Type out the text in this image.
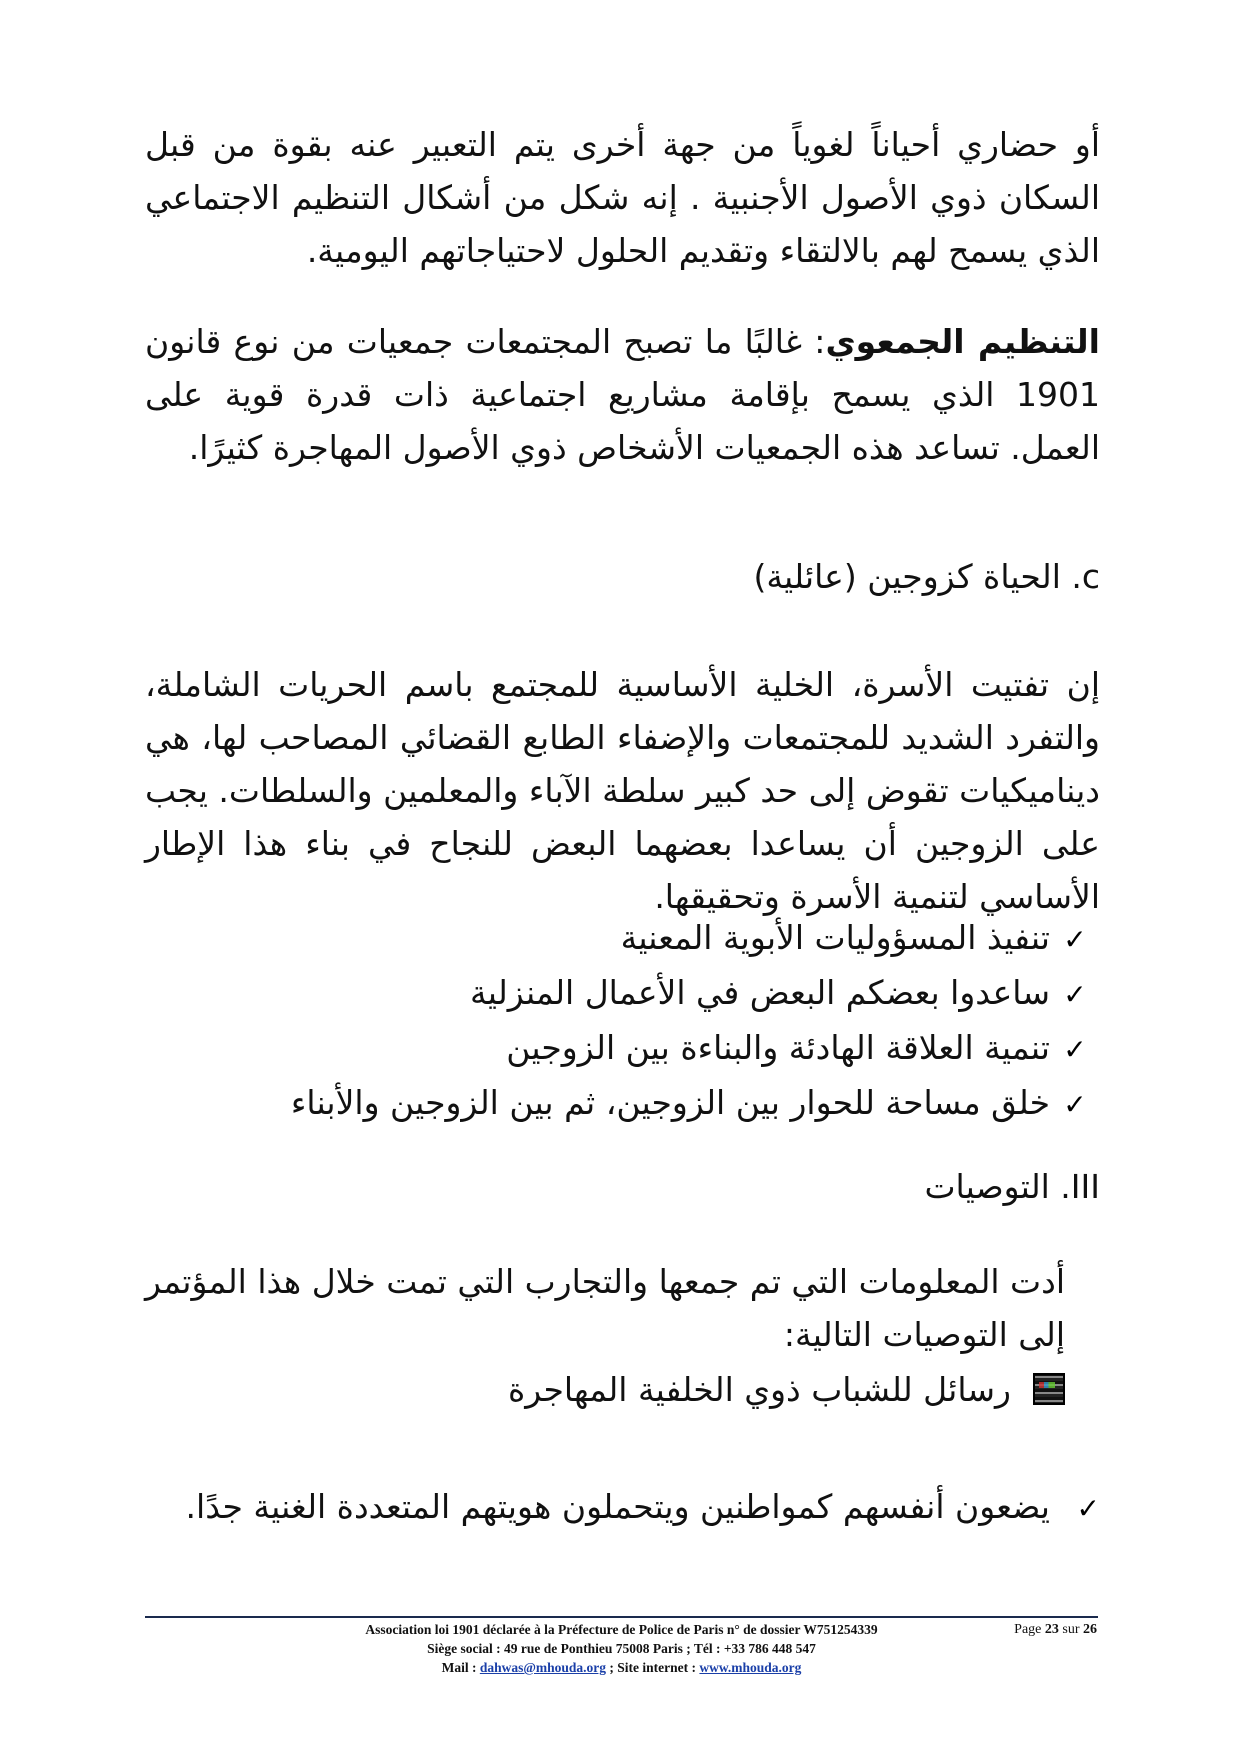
أو حضاري أحياناً لغوياً من جهة أخرى يتم التعبير عنه بقوة من قبل السكان ذوي الأصول الأجنبية . إنه شكل من أشكال التنظيم الاجتماعي الذي يسمح لهم بالالتقاء وتقديم الحلول لاحتياجاتهم اليومية.

التنظيم الجمعوي: غالبًا ما تصبح المجتمعات جمعيات من نوع قانون 1901 الذي يسمح بإقامة مشاريع اجتماعية ذات قدرة قوية على العمل. تساعد هذه الجمعيات الأشخاص ذوي الأصول المهاجرة كثيرًا.

c. الحياة كزوجين (عائلية)

إن تفتيت الأسرة، الخلية الأساسية للمجتمع باسم الحريات الشاملة، والتفرد الشديد للمجتمعات والإضفاء الطابع القضائي المصاحب لها، هي ديناميكيات تقوض إلى حد كبير سلطة الآباء والمعلمين والسلطات. يجب على الزوجين أن يساعدا بعضهما البعض للنجاح في بناء هذا الإطار الأساسي لتنمية الأسرة وتحقيقها.

✓تنفيذ المسؤوليات الأبوية المعنية
✓ساعدوا بعضكم البعض في الأعمال المنزلية
✓تنمية العلاقة الهادئة والبناءة بين الزوجين
✓خلق مساحة للحوار بين الزوجين، ثم بين الزوجين والأبناء
III. التوصيات

أدت المعلومات التي تم جمعها والتجارب التي تمت خلال هذا المؤتمر إلى التوصيات التالية:

رسائل للشباب ذوي الخلفية المهاجرة
✓يضعون أنفسهم كمواطنين ويتحملون هويتهم المتعددة الغنية جدًا.
Association loi 1901 déclarée à la Préfecture de Police de Paris n° de dossier W751254339
Siège social : 49 rue de Ponthieu 75008 Paris ; Tél : +33 786 448 547
Mail : dahwas@mhouda.org ; Site internet : www.mhouda.org
Page 23 sur 26
